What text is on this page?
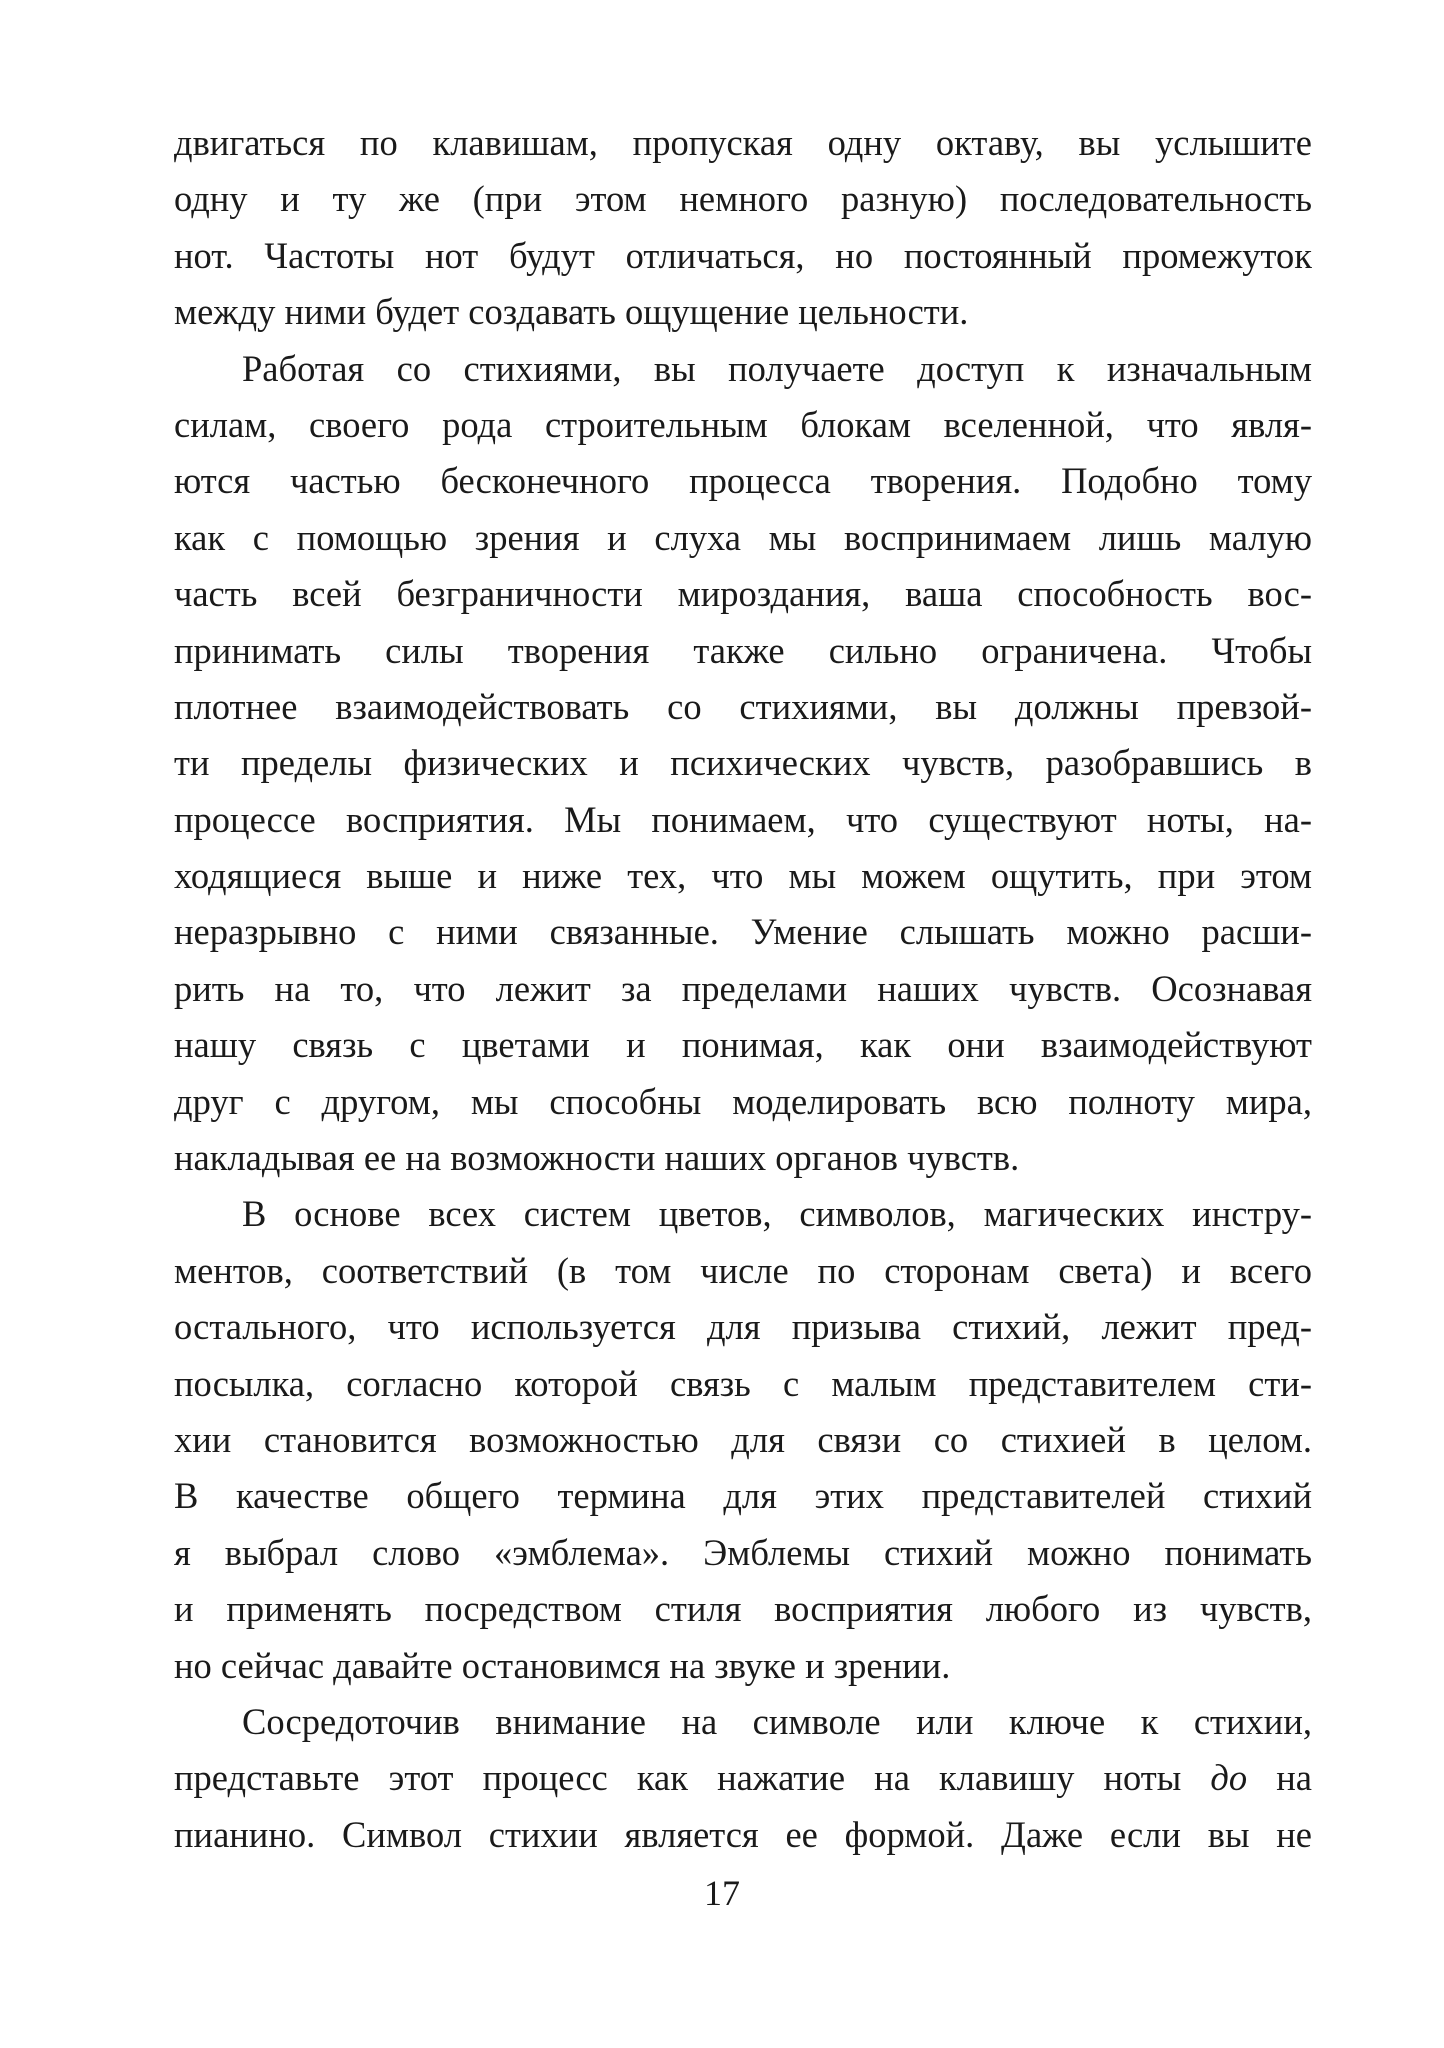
двигаться по клавишам, пропуская одну октаву, вы услышите
одну и ту же (при этом немного разную) последовательность
нот. Частоты нот будут отличаться, но постоянный промежуток
между ними будет создавать ощущение цельности.
Работая со стихиями, вы получаете доступ к изначальным
силам, своего рода строительным блокам вселенной, что явля-
ются частью бесконечного процесса творения. Подобно тому
как с помощью зрения и слуха мы воспринимаем лишь малую
часть всей безграничности мироздания, ваша способность вос-
принимать силы творения также сильно ограничена. Чтобы
плотнее взаимодействовать со стихиями, вы должны превзой-
ти пределы физических и психических чувств, разобравшись в
процессе восприятия. Мы понимаем, что существуют ноты, на-
ходящиеся выше и ниже тех, что мы можем ощутить, при этом
неразрывно с ними связанные. Умение слышать можно расши-
рить на то, что лежит за пределами наших чувств. Осознавая
нашу связь с цветами и понимая, как они взаимодействуют
друг с другом, мы способны моделировать всю полноту мира,
накладывая ее на возможности наших органов чувств.
В основе всех систем цветов, символов, магических инстру-
ментов, соответствий (в том числе по сторонам света) и всего
остального, что используется для призыва стихий, лежит пред-
посылка, согласно которой связь с малым представителем сти-
хии становится возможностью для связи со стихией в целом.
В качестве общего термина для этих представителей стихий
я выбрал слово «эмблема». Эмблемы стихий можно понимать
и применять посредством стиля восприятия любого из чувств,
но сейчас давайте остановимся на звуке и зрении.
Сосредоточив внимание на символе или ключе к стихии,
представьте этот процесс как нажатие на клавишу ноты до на
пианино. Символ стихии является ее формой. Даже если вы не
17
